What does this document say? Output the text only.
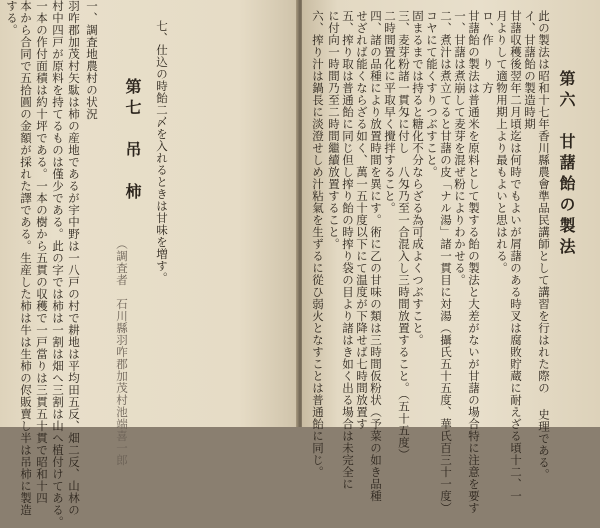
する。 本から合同で五拾圓の金額が採れた譯である。生産した柿は牛は生柿の侭販賣し半は吊柿に製造 一本の作付面積は約十坪である。一本の樹から五貫の収穫で一戸當りは三貫五十貫で昭和十四 村中四戸が原料を持てるものは僅少である。此の字では柿は一割は畑へ三割は山へ植付けてある。 羽咋郡加茂村矢駄は柿の産地であるが宇中野は一八戸の村で耕地は平均田五反、畑二反、山林の 一、調査地農村の状況
（調査者　石川縣羽咋郡加茂村池端喜一郎
第七　吊　柿 七、仕込の時飴二〆を入れるときは甘味を増す。	六、搾り汁は鍋長に淡澄せしめ汁粘氣を生ずるに從ひ弱火となすことは普通飴に同じ。 に付向一時間乃至二時間繼續放置すること。 五、搾り取は普通飴に同じ但し搾り飴の時搾り袋の目より諸はき如く出る場合は未完全に せざれば能くならざる如く、萬一五十度以下にて温度が下降せば七時間放置す 四、諸の品種により放置時間を異にす。術に乙の甘味の類は三時間仮粉状（予菜の如き品種 二時間置化に平取早く攪拌すること。 三、麦芽粉諸一貫匁に付し　八匁乃至一合混入し三時間放置すること。（五十五度） 固まるまでは持ると糖化不分ならざる為可成よくつぶすこと。 コヤにて能くすりつぶすこと。 二、煮汁は煮立てると甘藷の皮「ナル湯」諸一貫目に対湯（攝氏五十五度、華氏百三十一度） 一、甘藷は煮崩して麦芽を混ぜ粉によりわかせる。 甘藷飴の製法は普通米を原料として製する飴の製法と大差がないが甘藷の場合特に注意を要す ロ、作　り　方 月よりして適物用期上より最もよいと思はれる。 甘藷収穫後翌年二月頃迄は何時でもよいが屑藷のある時叉は腐敗貯蔵に耐えざる頃十二、一 イ、甘藷飴の製造時期 此の製法は昭和十七年香川縣農會準品民講師として講習を行はれた際の 史理である。 第六　甘藷飴の製法
